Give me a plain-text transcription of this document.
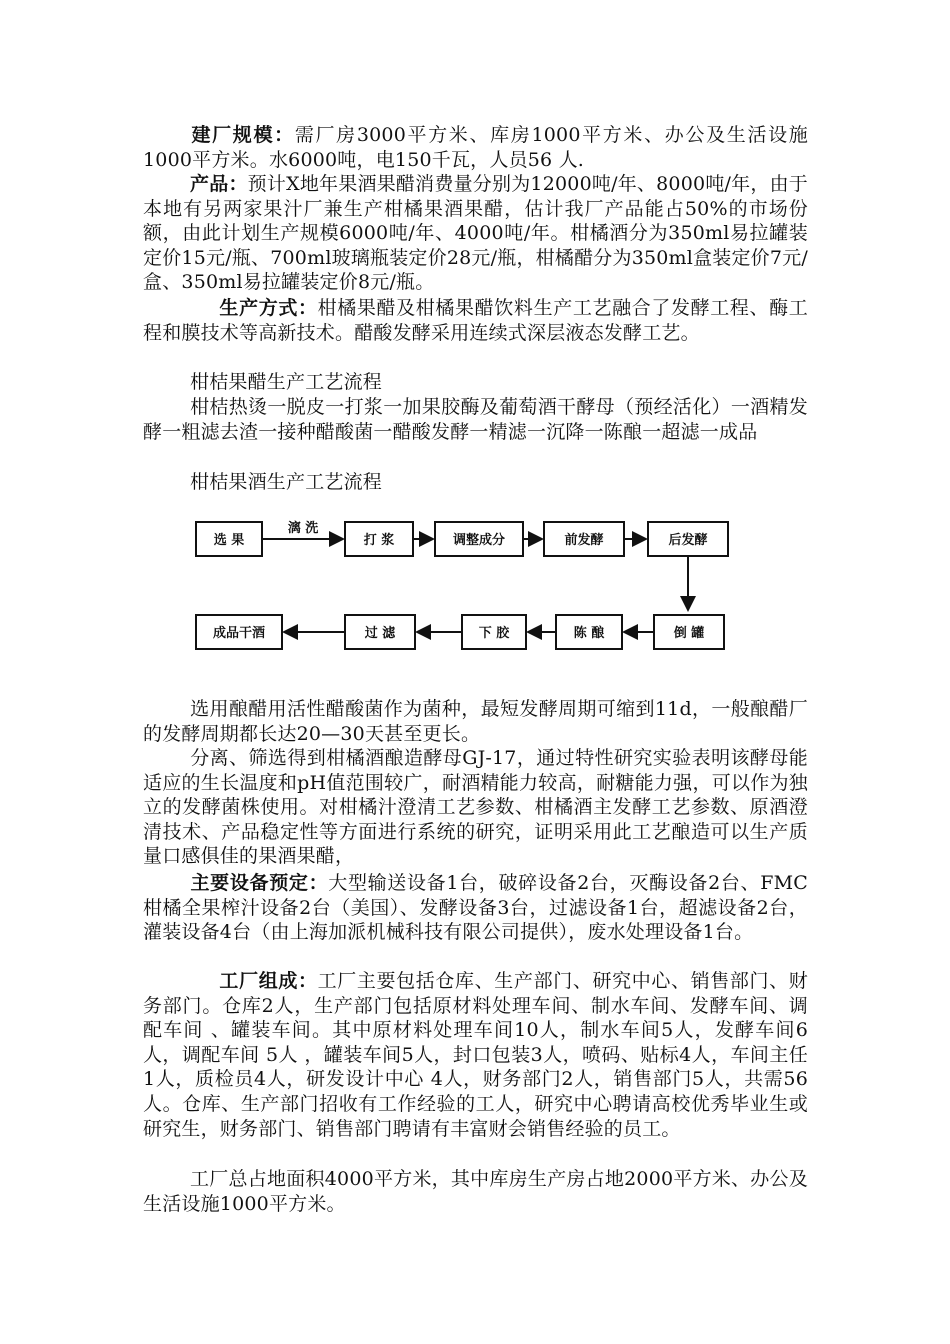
建厂规模：需厂房3000平方米、库房1000平方米、办公及生活设施1000平方米。水6000吨，电150千瓦，人员56 人.

产品：预计X地年果酒果醋消费量分别为12000吨/年、8000吨/年，由于本地有另两家果汁厂兼生产柑橘果酒果醋，估计我厂产品能占50%的市场份额，由此计划生产规模6000吨/年、4000吨/年。柑橘酒分为350ml易拉罐装定价15元/瓶、700ml玻璃瓶装定价28元/瓶，柑橘醋分为350ml盒装定价7元/盒、350ml易拉罐装定价8元/瓶。

生产方式：柑橘果醋及柑橘果醋饮料生产工艺融合了发酵工程、酶工程和膜技术等高新技术。醋酸发酵采用连续式深层液态发酵工艺。

柑桔果醋生产工艺流程

柑桔热烫一脱皮一打浆一加果胶酶及葡萄酒干酵母（预经活化）一酒精发酵一粗滤去渣一接种醋酸菌一醋酸发酵一精滤一沉降一陈酿一超滤一成品

柑桔果酒生产工艺流程

选 果	打 浆	调整成分	前发酵	后发酵
漓 洗
成品干酒	过 滤	下 胶	陈 酿	倒 罐

选用酿醋用活性醋酸菌作为菌种，最短发酵周期可缩到11d，一般酿醋厂的发酵周期都长达20—30天甚至更长。

分离、筛选得到柑橘酒酿造酵母GJ-17，通过特性研究实验表明该酵母能适应的生长温度和pH值范围较广，耐酒精能力较高，耐糖能力强，可以作为独立的发酵菌株使用。对柑橘汁澄清工艺参数、柑橘酒主发酵工艺参数、原酒澄清技术、产品稳定性等方面进行系统的研究，证明采用此工艺酿造可以生产质量口感俱佳的果酒果醋，

主要设备预定：大型输送设备1台，破碎设备2台，灭酶设备2台、FMC柑橘全果榨汁设备2台（美国）、发酵设备3台，过滤设备1台，超滤设备2台，灌装设备4台（由上海加派机械科技有限公司提供），废水处理设备1台。

工厂组成：工厂主要包括仓库、生产部门、研究中心、销售部门、财务部门。仓库2人，生产部门包括原材料处理车间、制水车间、发酵车间、调配车间 、罐装车间。其中原材料处理车间10人，制水车间5人，发酵车间6人，调配车间 5人 ，罐装车间5人，封口包装3人，喷码、贴标4人，车间主任1人，质检员4人，研发设计中心 4人，财务部门2人，销售部门5人，共需56人。仓库、生产部门招收有工作经验的工人，研究中心聘请高校优秀毕业生或研究生，财务部门、销售部门聘请有丰富财会销售经验的员工。

工厂总占地面积4000平方米，其中库房生产房占地2000平方米、办公及生活设施1000平方米。
